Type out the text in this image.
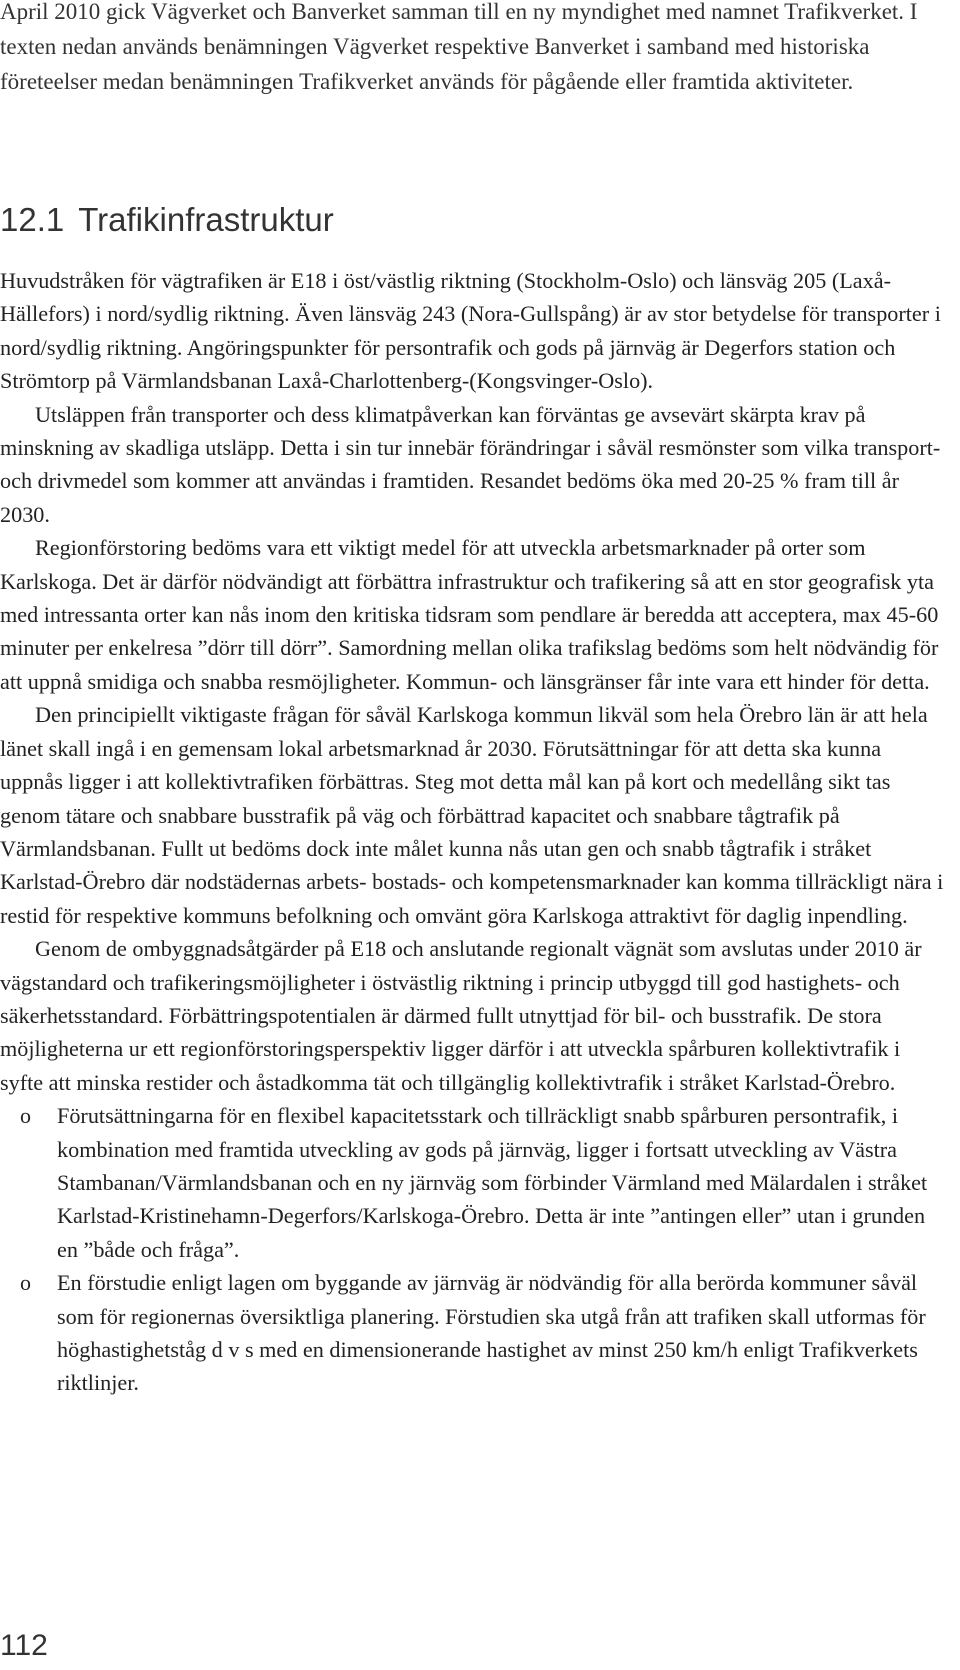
April 2010 gick Vägverket och Banverket samman till en ny myndighet med namnet Trafikverket. I texten nedan används benämningen Vägverket respektive Banverket i samband med historiska företeelser medan benämningen Trafikverket används för pågående eller framtida aktiviteter.

12.1 Trafikinfrastruktur

Huvudstråken för vägtrafiken är E18 i öst/västlig riktning (Stockholm-Oslo) och länsväg 205 (Laxå-Hällefors) i nord/sydlig riktning. Även länsväg 243 (Nora-Gullspång) är av stor betydelse för transporter i nord/sydlig riktning. Angöringspunkter för persontrafik och gods på järnväg är Degerfors station och Strömtorp på Värmlandsbanan Laxå-Charlottenberg-(Kongsvinger-Oslo).

Utsläppen från transporter och dess klimatpåverkan kan förväntas ge avsevärt skärpta krav på minskning av skadliga utsläpp. Detta i sin tur innebär förändringar i såväl resmönster som vilka transport- och drivmedel som kommer att användas i framtiden. Resandet bedöms öka med 20-25 % fram till år 2030.

Regionförstoring bedöms vara ett viktigt medel för att utveckla arbetsmarknader på orter som Karlskoga. Det är därför nödvändigt att förbättra infrastruktur och trafikering så att en stor geografisk yta med intressanta orter kan nås inom den kritiska tidsram som pendlare är beredda att acceptera, max 45-60 minuter per enkelresa ”dörr till dörr”. Samordning mellan olika trafikslag bedöms som helt nödvändig för att uppnå smidiga och snabba resmöjligheter. Kommun- och länsgränser får inte vara ett hinder för detta.

Den principiellt viktigaste frågan för såväl Karlskoga kommun likväl som hela Örebro län är att hela länet skall ingå i en gemensam lokal arbetsmarknad år 2030. Förutsättningar för att detta ska kunna uppnås ligger i att kollektivtrafiken förbättras. Steg mot detta mål kan på kort och medellång sikt tas genom tätare och snabbare busstrafik på väg och förbättrad kapacitet och snabbare tågtrafik på Värmlandsbanan. Fullt ut bedöms dock inte målet kunna nås utan gen och snabb tågtrafik i stråket Karlstad-Örebro där nodstädernas arbets- bostads- och kompetensmarknader kan komma tillräckligt nära i restid för respektive kommuns befolkning och omvänt göra Karlskoga attraktivt för daglig inpendling.

Genom de ombyggnadsåtgärder på E18 och anslutande regionalt vägnät som avslutas under 2010 är vägstandard och trafikeringsmöjligheter i östvästlig riktning i princip utbyggd till god hastighets- och säkerhetsstandard. Förbättringspotentialen är därmed fullt utnyttjad för bil- och busstrafik. De stora möjligheterna ur ett regionförstoringsperspektiv ligger därför i att utveckla spårburen kollektivtrafik i syfte att minska restider och åstadkomma tät och tillgänglig kollektivtrafik i stråket Karlstad-Örebro.

o Förutsättningarna för en flexibel kapacitetsstark och tillräckligt snabb spårburen persontrafik, i kombination med framtida utveckling av gods på järnväg, ligger i fortsatt utveckling av Västra Stambanan/Värmlandsbanan och en ny järnväg som förbinder Värmland med Mälardalen i stråket Karlstad-Kristinehamn-Degerfors/Karlskoga-Örebro. Detta är inte ”antingen eller” utan i grunden en ”både och fråga”.
o En förstudie enligt lagen om byggande av järnväg är nödvändig för alla berörda kommuner såväl som för regionernas översiktliga planering. Förstudien ska utgå från att trafiken skall utformas för höghastighetståg d v s med en dimensionerande hastighet av minst 250 km/h enligt Trafikverkets riktlinjer.

112
